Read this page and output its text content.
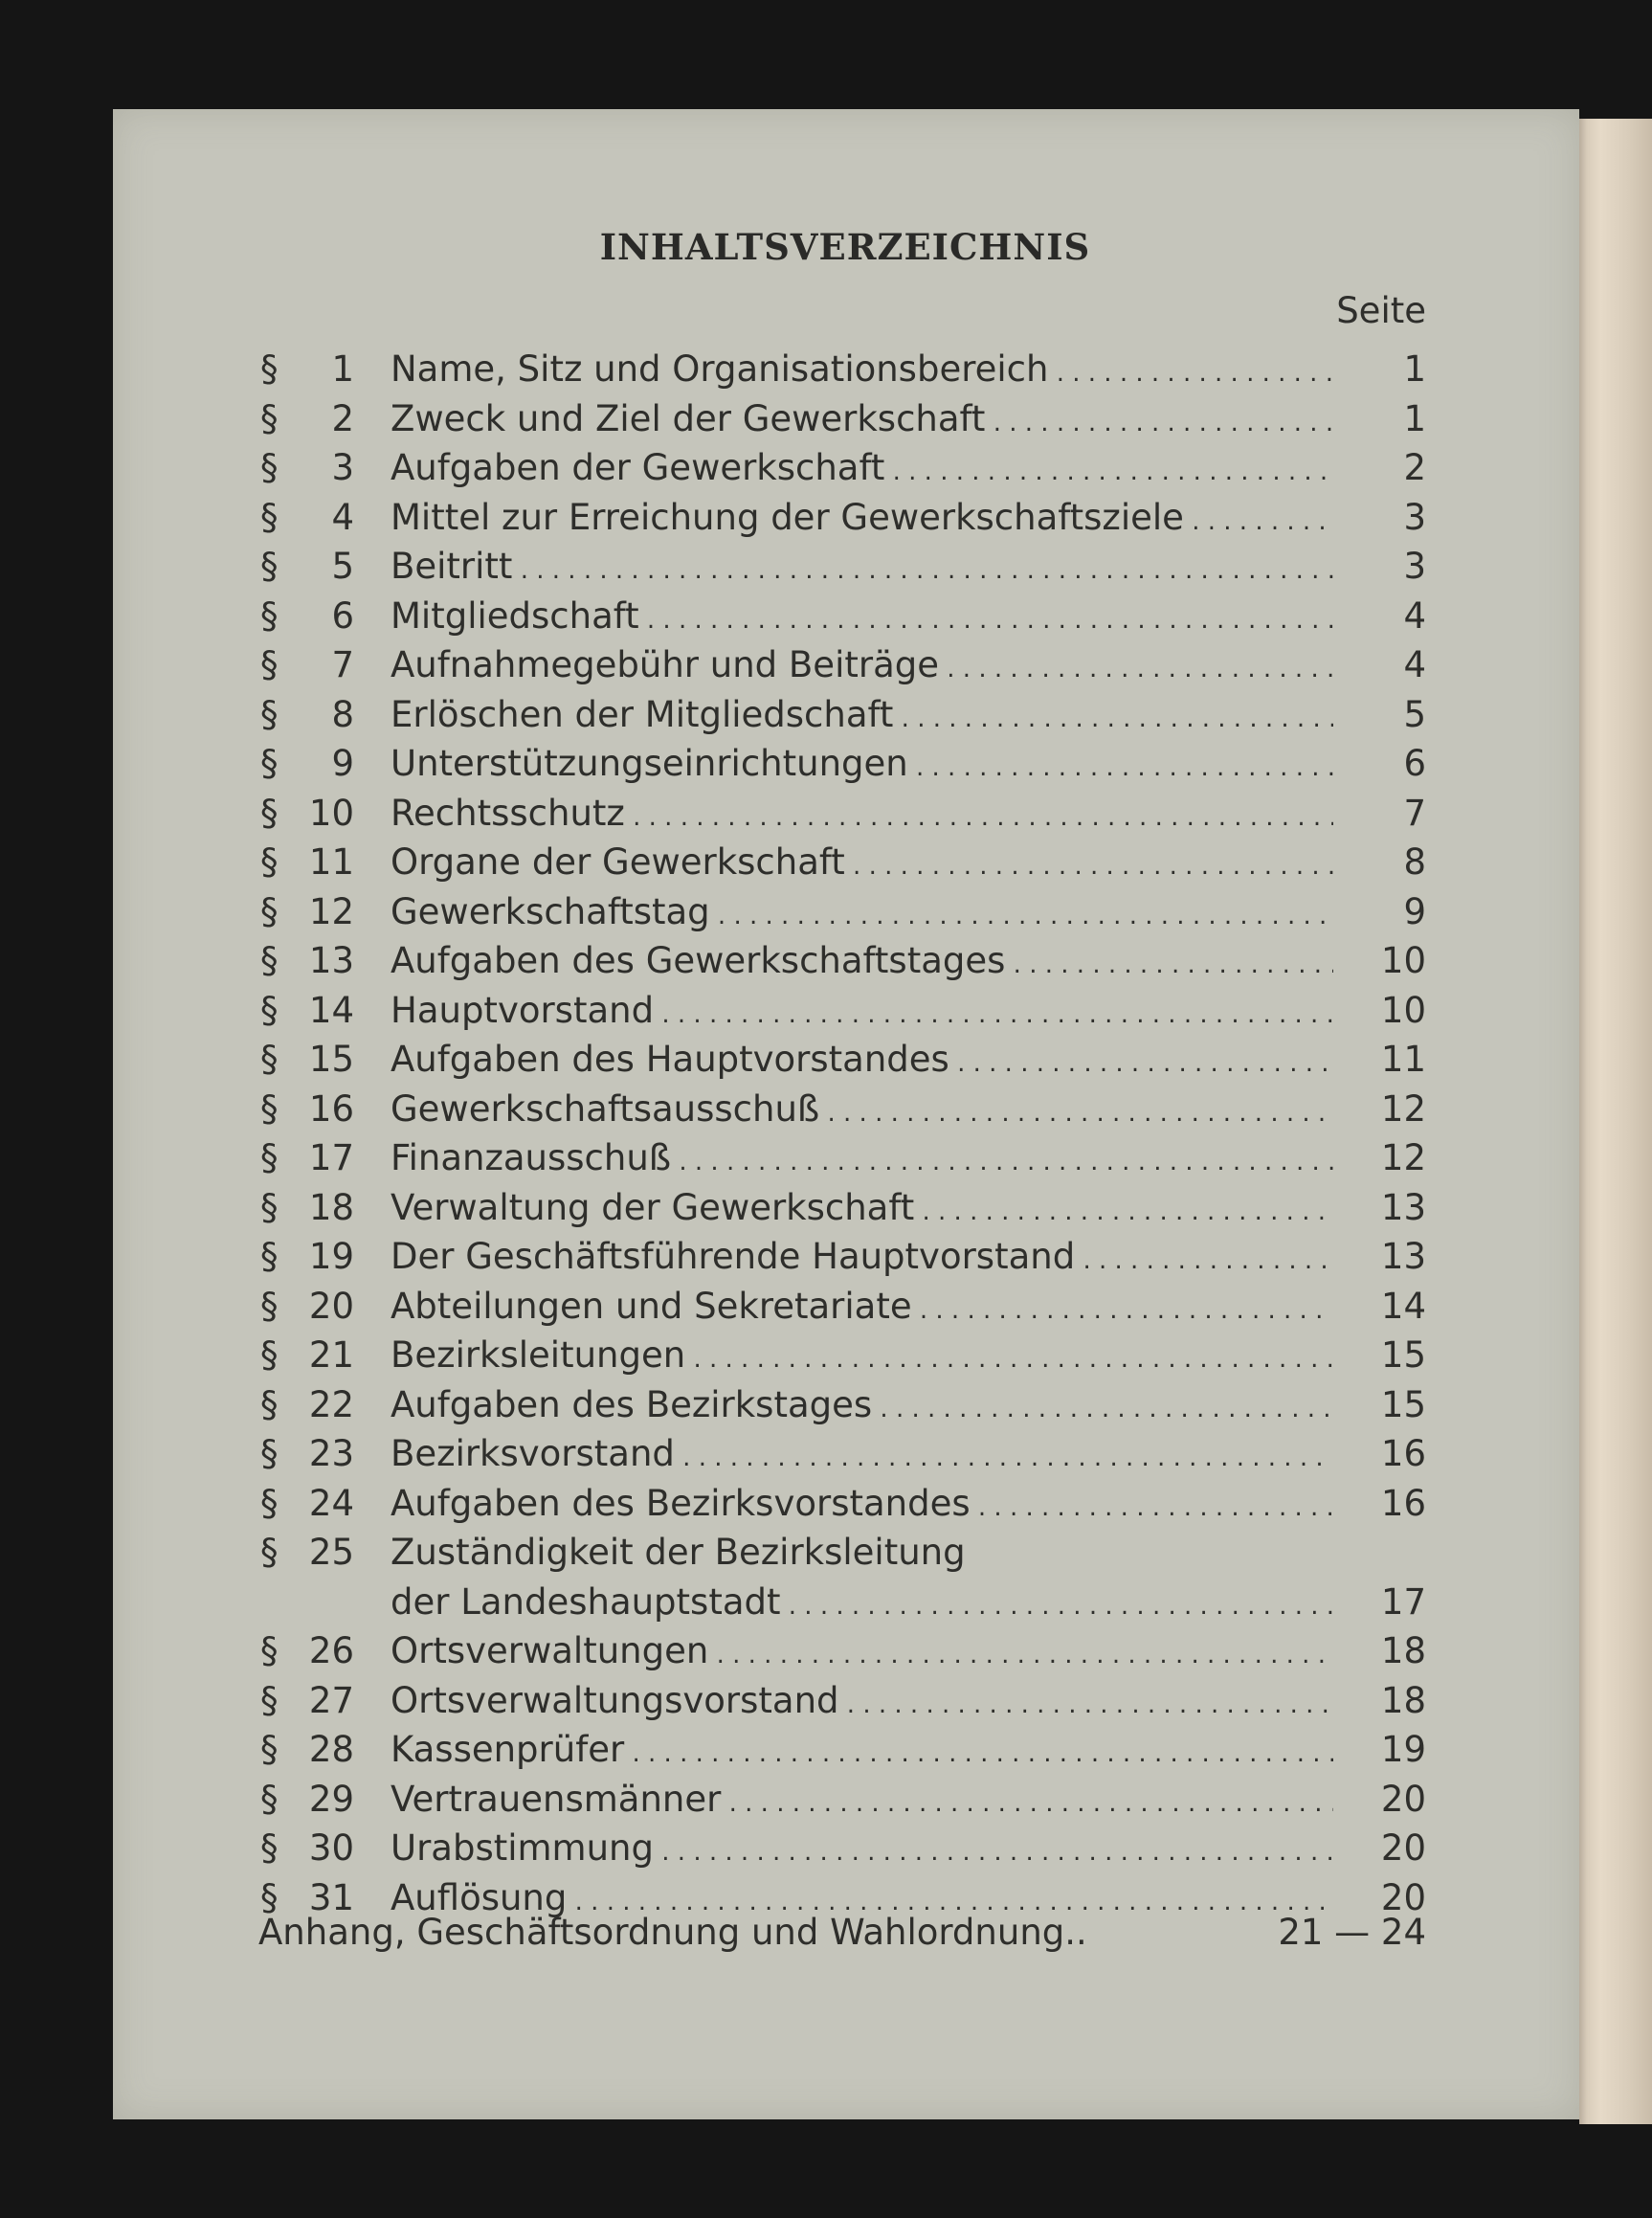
INHALTSVERZEICHNIS
Seite
§	1 Name, Sitz und Organisationsbereich . . .	1
§	2 Zweck und Ziel der Gewerkschaft . . .	1
§	3 Aufgaben der Gewerkschaft . . .	2
§	4 Mittel zur Erreichung der Gewerkschaftsziele . . .	3
§	5 Beitritt . . .	3
§	6 Mitgliedschaft . . .	4
§	7 Aufnahmegebühr und Beiträge . . .	4
§	8 Erlöschen der Mitgliedschaft . . .	5
§	9 Unterstützungseinrichtungen . . .	6
§ 10 Rechtsschutz . . .	7
§ 11 Organe der Gewerkschaft . . .	8
§ 12 Gewerkschaftstag . . .	9
§ 13 Aufgaben des Gewerkschaftstages . . .	10
§ 14 Hauptvorstand . . .	10
§ 15 Aufgaben des Hauptvorstandes . . .	11
§ 16 Gewerkschaftsausschuß . . .	12
§ 17 Finanzausschuß . . .	12
§ 18 Verwaltung der Gewerkschaft . . .	13
§ 19 Der Geschäftsführende Hauptvorstand . . .	13
§ 20 Abteilungen und Sekretariate . . .	14
§ 21 Bezirksleitungen . . .	15
§ 22 Aufgaben des Bezirkstages . . .	15
§ 23 Bezirksvorstand . . .	16
§ 24 Aufgaben des Bezirksvorstandes . . .	16
§ 25 Zuständigkeit der Bezirksleitung
der Landeshauptstadt . . .	17
§ 26 Ortsverwaltungen . . .	18
§ 27 Ortsverwaltungsvorstand . . .	18
§ 28 Kassenprüfer . . .	19
§ 29 Vertrauensmänner . . .	20
§ 30 Urabstimmung . . .	20
§ 31 Auflösung . . .	20
Anhang, Geschäftsordnung und Wahlordnung..	21 — 24
